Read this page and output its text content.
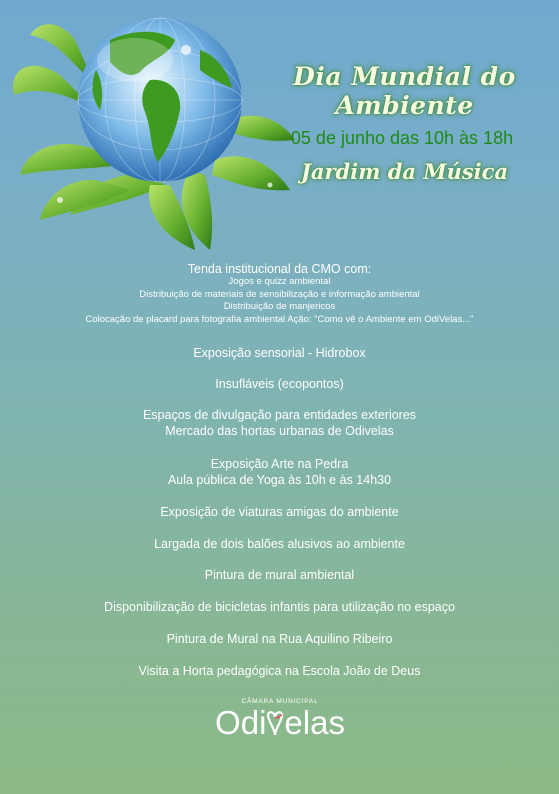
Dia Mundial do Ambiente
05 de junho das 10h às 18h
Jardim da Música
Tenda institucional da CMO com:
Jogos e quizz ambiental
Distribuição de materiais de sensibilização e informação ambiental
Distribuição de manjericos
Colocação de placard para fotografia ambiental Ação: "Como vê o Ambiente em OdiVelas..."
Exposição sensorial - Hidrobox
Insufláveis (ecopontos)
Espaços de divulgação para entidades exteriores
Mercado das hortas urbanas de Odivelas
Exposição Arte na Pedra
Aula pública de Yoga às 10h e às 14h30
Exposição de viaturas amigas do ambiente
Largada de dois balões alusivos ao ambiente
Pintura de mural ambiental
Disponibilização de bicicletas infantis para utilização no espaço
Pintura de Mural na Rua Aquilino Ribeiro
Visita a Horta pedagógica na Escola João de Deus
CÂMARA MUNICIPAL
Odi elas
